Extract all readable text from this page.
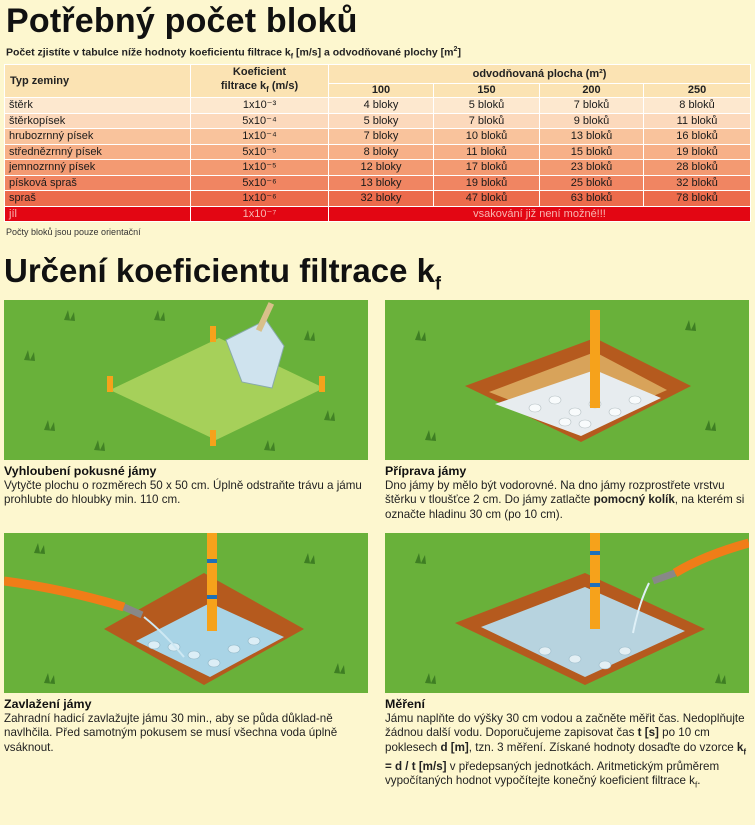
Potřebný počet bloků
Počet zjistíte v tabulce níže hodnoty koeficientu filtrace $k_f$ [m/s] a odvodňované plochy $[m^2]$
Typ zeminy	Koeficient
filtrace $k_f$ (m/s)	odvodňovaná plocha (m²)			
		100	150	200	250
štěrk	1x10⁻³	4 bloky	5 bloků	7 bloků	8 bloků
štěrkopísek	5x10⁻⁴	5 bloky	7 bloků	9 bloků	11 bloků
hrubozrnný písek	1x10⁻⁴	7 bloky	10 bloků	13 bloků	16 bloků
střednězrnný písek	5x10⁻⁵	8 bloky	11 bloků	15 bloků	19 bloků
jemnozrnný písek	1x10⁻⁵	12 bloky	17 bloků	23 bloků	28 bloků
písková spraš	5x10⁻⁶	13 bloky	19 bloků	25 bloků	32 bloků
spraš	1x10⁻⁶	32 bloky	47 bloků	63 bloků	78 bloků
jíl	1x10⁻⁷	vsakování již není možné!!!			
Počty bloků jsou pouze orientační
Určení koeficientu filtrace $k_f$
Vyhloubení pokusné jámy
Vytyčte plochu o rozměrech 50 x 50 cm. Úplně odstraňte trávu a jámu prohlubte do hloubky min. 110 cm.
Příprava jámy
Dno jámy by mělo být vodorovné. Na dno jámy rozprostřete vrstvu štěrku v tloušťce 2 cm. Do jámy zatlačte pomocný kolík, na kterém si označte hladinu 30 cm (po 10 cm).
Zavlažení jámy
Zahradní hadicí zavlažujte jámu 30 min., aby se půda důklad-ně navlhčila. Před samotným pokusem se musí všechna voda úplně vsáknout.
Měření
Jámu naplňte do výšky 30 cm vodou a začněte měřit čas. Nedoplňujte žádnou další vodu. Doporučujeme zapisovat čas t [s] po 10 cm poklesech d [m], tzn. 3 měření. Získané hodnoty dosaďte do vzorce $k_f = d / t$ [m/s] v předepsaných jednotkách. Aritmetickým průměrem vypočítaných hodnot vypočítejte konečný koeficient filtrace $k_f$.
